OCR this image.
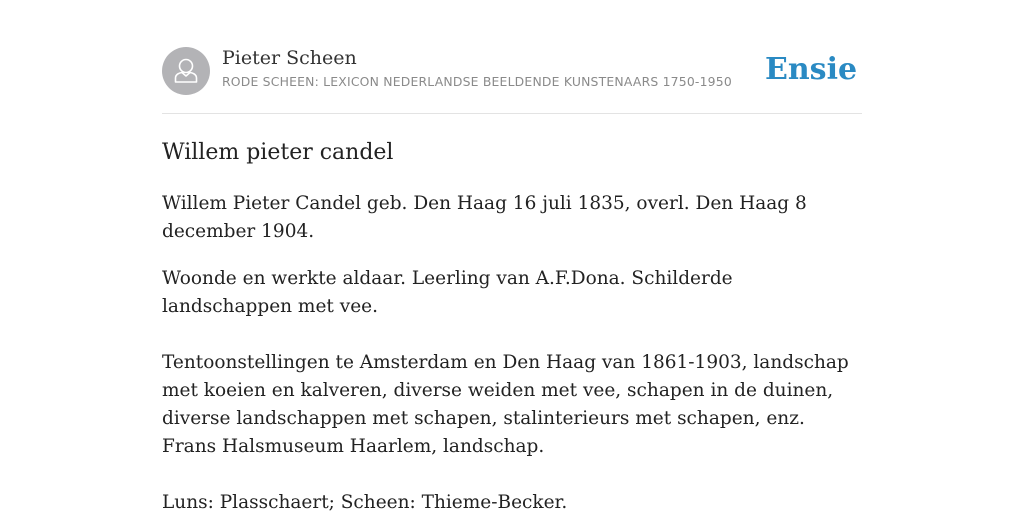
Pieter Scheen
RODE SCHEEN: LEXICON NEDERLANDSE BEELDENDE KUNSTENAARS 1750-1950 Ensie
Willem pieter candel

Willem Pieter Candel geb. Den Haag 16 juli 1835, overl. Den Haag 8 december 1904.

Woonde en werkte aldaar. Leerling van A.F.Dona. Schilderde landschappen met vee.

Tentoonstellingen te Amsterdam en Den Haag van 1861-1903, landschap met koeien en kalveren, diverse weiden met vee, schapen in de duinen, diverse landschappen met schapen, stalinterieurs met schapen, enz. Frans Halsmuseum Haarlem, landschap.

Luns: Plasschaert; Scheen: Thieme-Becker.
